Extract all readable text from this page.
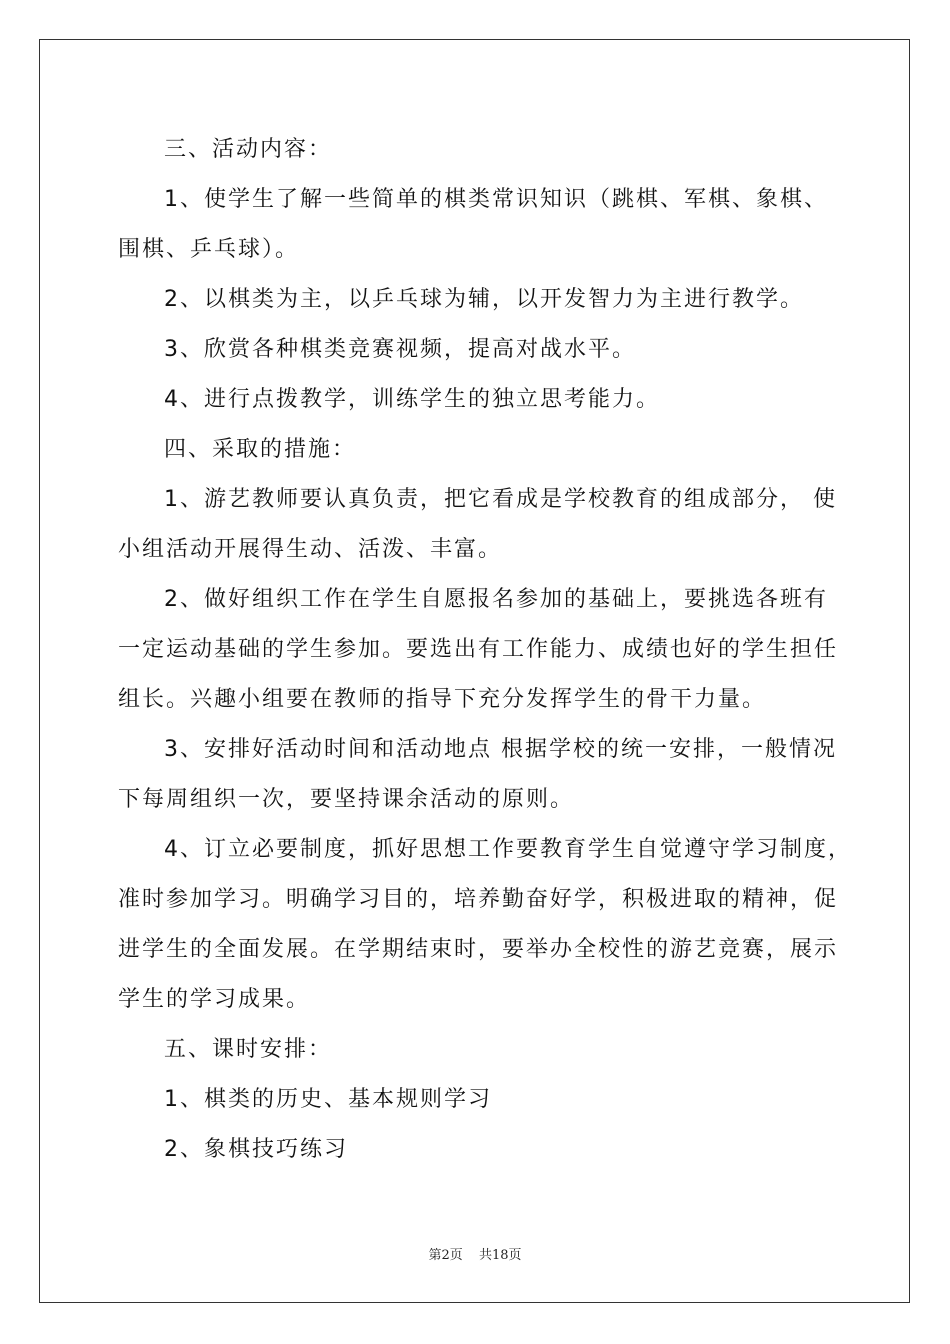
三、活动内容：
1、使学生了解一些简单的棋类常识知识（跳棋、军棋、象棋、
围棋、乒乓球）。
2、以棋类为主，以乒乓球为辅，以开发智力为主进行教学。
3、欣赏各种棋类竞赛视频，提高对战水平。
4、进行点拨教学，训练学生的独立思考能力。
四、采取的措施：
1、游艺教师要认真负责，把它看成是学校教育的组成部分， 使
小组活动开展得生动、活泼、丰富。
2、做好组织工作在学生自愿报名参加的基础上，要挑选各班有
一定运动基础的学生参加。要选出有工作能力、成绩也好的学生担任
组长。兴趣小组要在教师的指导下充分发挥学生的骨干力量。
3、安排好活动时间和活动地点 根据学校的统一安排，一般情况
下每周组织一次，要坚持课余活动的原则。
4、订立必要制度，抓好思想工作要教育学生自觉遵守学习制度，
准时参加学习。明确学习目的，培养勤奋好学，积极进取的精神，促
进学生的全面发展。在学期结束时，要举办全校性的游艺竞赛，展示
学生的学习成果。
五、课时安排：
1、棋类的历史、基本规则学习
2、象棋技巧练习
第2页 共18页
